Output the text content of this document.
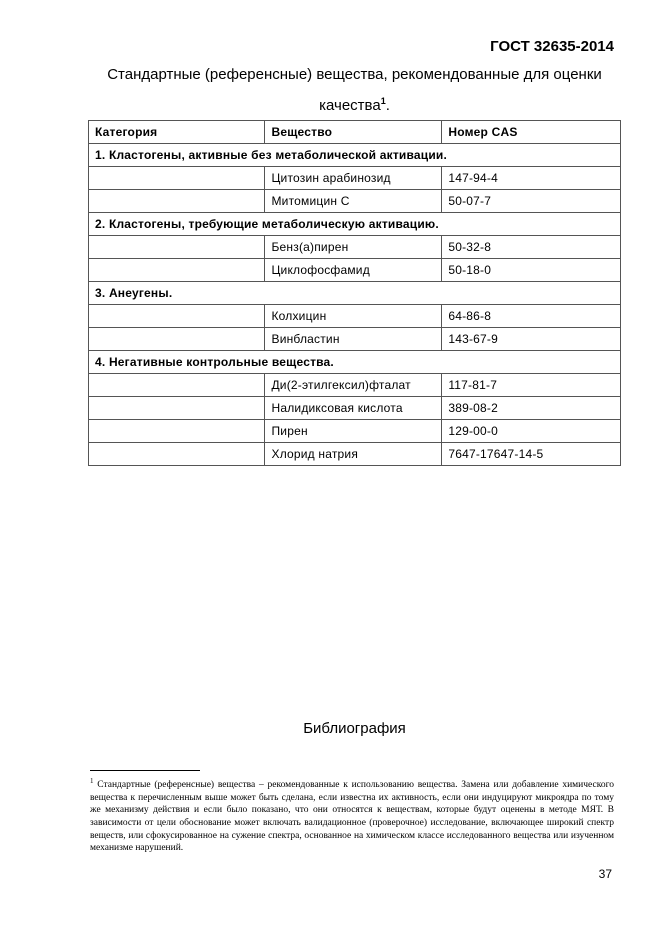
ГОСТ 32635-2014
Стандартные (референсные) вещества, рекомендованные для оценки качества$^1$.
Категория	Вещество	Номер CAS
1. Кластогены, активные без метаболической активации.		
	Цитозин арабинозид	147-94-4
	Митомицин С	50-07-7
2. Кластогены, требующие метаболическую активацию.		
	Бенз(а)пирен	50-32-8
	Циклофосфамид	50-18-0
3. Анеугены.		
	Колхицин	64-86-8
	Винбластин	143-67-9
4. Негативные контрольные вещества.		
	Ди(2-этилгексил)фталат	117-81-7
	Налидиксовая кислота	389-08-2
	Пирен	129-00-0
	Хлорид натрия	7647-17647-14-5
Библиография
$^1$ Стандартные (референсные) вещества – рекомендованные к использованию вещества. Замена или добавление химического вещества к перечисленным выше может быть сделана, если известна их активность, если они индуцируют микроядра по тому же механизму действия и если было показано, что они относятся к веществам, которые будут оценены в методе МЯТ. В зависимости от цели обоснование может включать валидационное (проверочное) исследование, включающее широкий спектр веществ, или сфокусированное на сужение спектра, основанное на химическом классе исследованного вещества или изученном механизме нарушений.
37
